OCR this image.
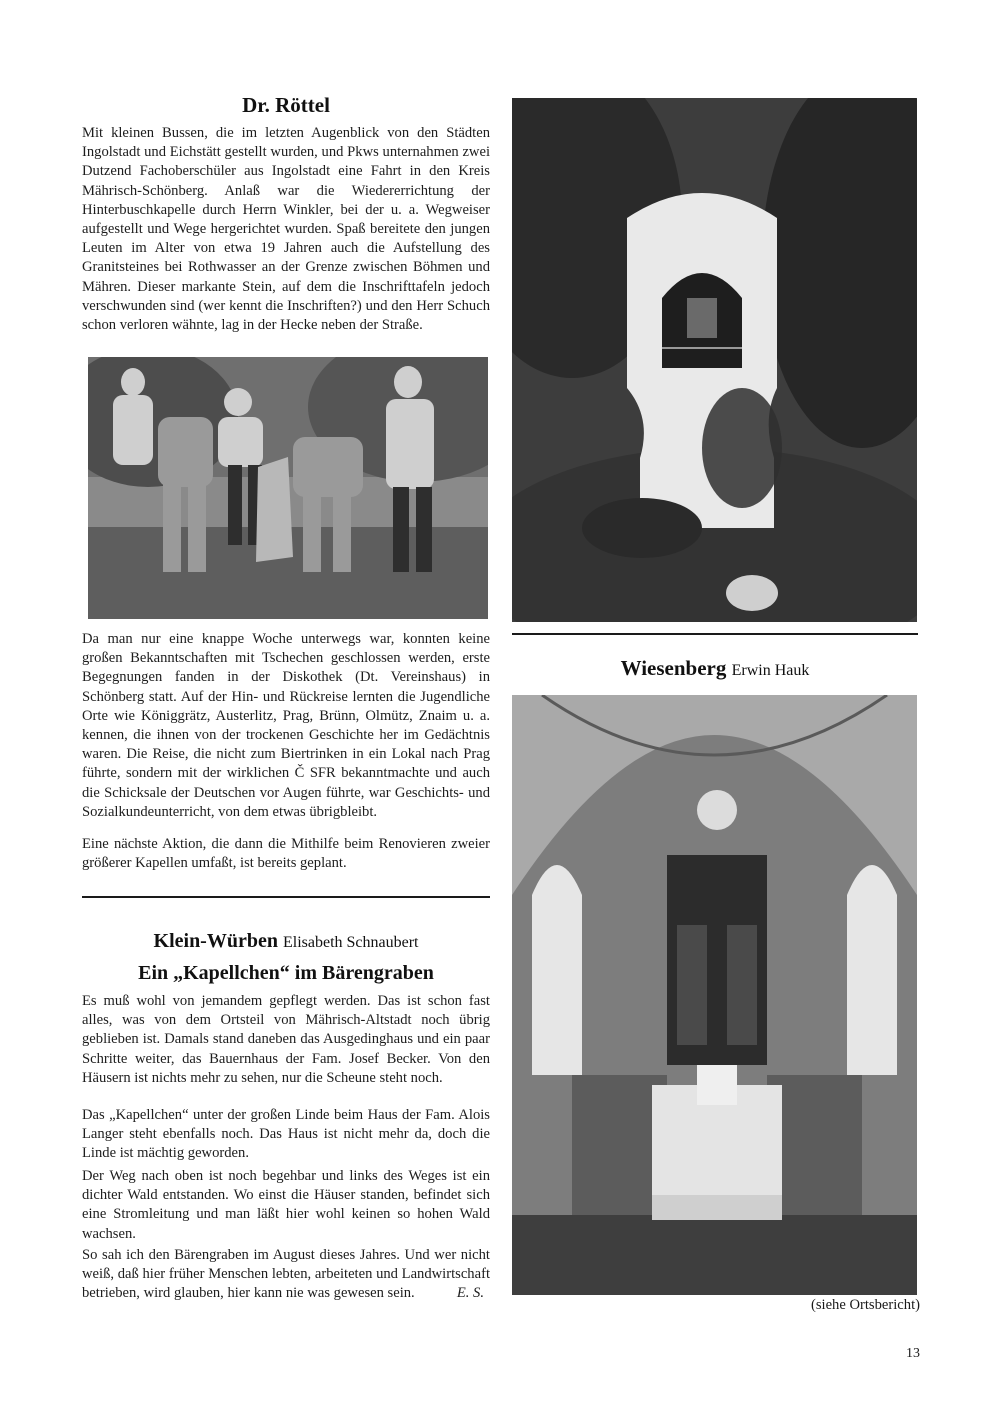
Dr. Röttel

Mit kleinen Bussen, die im letzten Augenblick von den Städten Ingolstadt und Eichstätt gestellt wurden, und Pkws unternahmen zwei Dutzend Fachoberschüler aus Ingolstadt eine Fahrt in den Kreis Mährisch-Schönberg. Anlaß war die Wiedererrichtung der Hinterbuschkapelle durch Herrn Winkler, bei der u. a. Wegweiser aufgestellt und Wege hergerichtet wurden. Spaß bereitete den jungen Leuten im Alter von etwa 19 Jahren auch die Aufstellung des Granitsteines bei Rothwasser an der Grenze zwischen Böhmen und Mähren. Dieser markante Stein, auf dem die Inschrifttafeln jedoch verschwunden sind (wer kennt die Inschriften?) und den Herr Schuch schon verloren wähnte, lag in der Hecke neben der Straße.

Da man nur eine knappe Woche unterwegs war, konnten keine großen Bekanntschaften mit Tschechen geschlossen werden, erste Begegnungen fanden in der Diskothek (Dt. Vereinshaus) in Schönberg statt. Auf der Hin- und Rückreise lernten die Jugendliche Orte wie Königgrätz, Austerlitz, Prag, Brünn, Olmütz, Znaim u. a. kennen, die ihnen von der trockenen Geschichte her im Gedächtnis waren. Die Reise, die nicht zum Biertrinken in ein Lokal nach Prag führte, sondern mit der wirklichen Č SFR bekanntmachte und auch die Schicksale der Deutschen vor Augen führte, war Geschichts- und Sozialkundeunterricht, von dem etwas übrigbleibt.

Eine nächste Aktion, die dann die Mithilfe beim Renovieren zweier größerer Kapellen umfaßt, ist bereits geplant.

Klein-Würben Elisabeth Schnaubert
Ein „Kapellchen“ im Bärengraben

Es muß wohl von jemandem gepflegt werden. Das ist schon fast alles, was von dem Ortsteil von Mährisch-Altstadt noch übrig geblieben ist. Damals stand daneben das Ausgedinghaus und ein paar Schritte weiter, das Bauernhaus der Fam. Josef Becker. Von den Häusern ist nichts mehr zu sehen, nur die Scheune steht noch.

Das „Kapellchen“ unter der großen Linde beim Haus der Fam. Alois Langer steht ebenfalls noch. Das Haus ist nicht mehr da, doch die Linde ist mächtig geworden.

Der Weg nach oben ist noch begehbar und links des Weges ist ein dichter Wald entstanden. Wo einst die Häuser standen, befindet sich eine Stromleitung und man läßt hier wohl keinen so hohen Wald wachsen.

So sah ich den Bärengraben im August dieses Jahres. Und wer nicht weiß, daß hier früher Menschen lebten, arbeiteten und Landwirtschaft betrieben, wird glauben, hier kann nie was gewesen sein.	E. S.

Wiesenberg Erwin Hauk
(siehe Ortsbericht)
13
